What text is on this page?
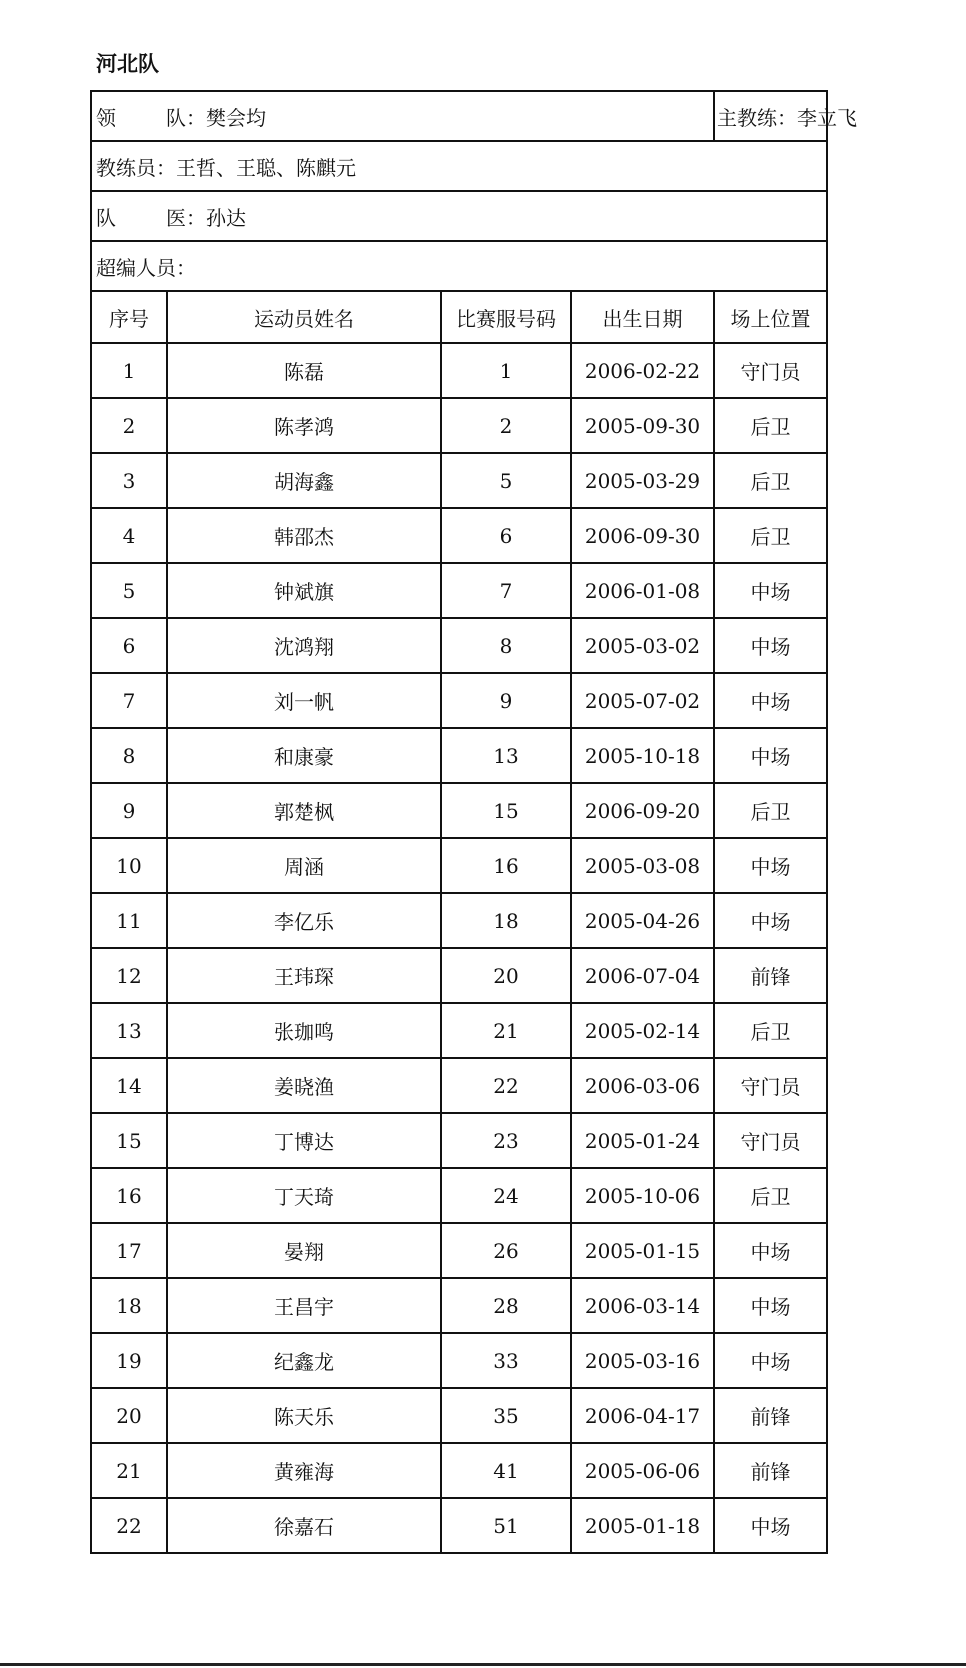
河北队
领 队：樊会均				主教练：李立飞
教练员：王哲、王聪、陈麒元				
队 医：孙达				
超编人员：				
序号	运动员姓名	比赛服号码	出生日期	场上位置
1	陈磊	1	2006-02-22	守门员
2	陈孝鸿	2	2005-09-30	后卫
3	胡海鑫	5	2005-03-29	后卫
4	韩邵杰	6	2006-09-30	后卫
5	钟斌旗	7	2006-01-08	中场
6	沈鸿翔	8	2005-03-02	中场
7	刘一帆	9	2005-07-02	中场
8	和康豪	13	2005-10-18	中场
9	郭楚枫	15	2006-09-20	后卫
10	周涵	16	2005-03-08	中场
11	李亿乐	18	2005-04-26	中场
12	王玮琛	20	2006-07-04	前锋
13	张珈鸣	21	2005-02-14	后卫
14	姜晓渔	22	2006-03-06	守门员
15	丁博达	23	2005-01-24	守门员
16	丁天琦	24	2005-10-06	后卫
17	晏翔	26	2005-01-15	中场
18	王昌宇	28	2006-03-14	中场
19	纪鑫龙	33	2005-03-16	中场
20	陈天乐	35	2006-04-17	前锋
21	黄雍海	41	2005-06-06	前锋
22	徐嘉石	51	2005-01-18	中场
